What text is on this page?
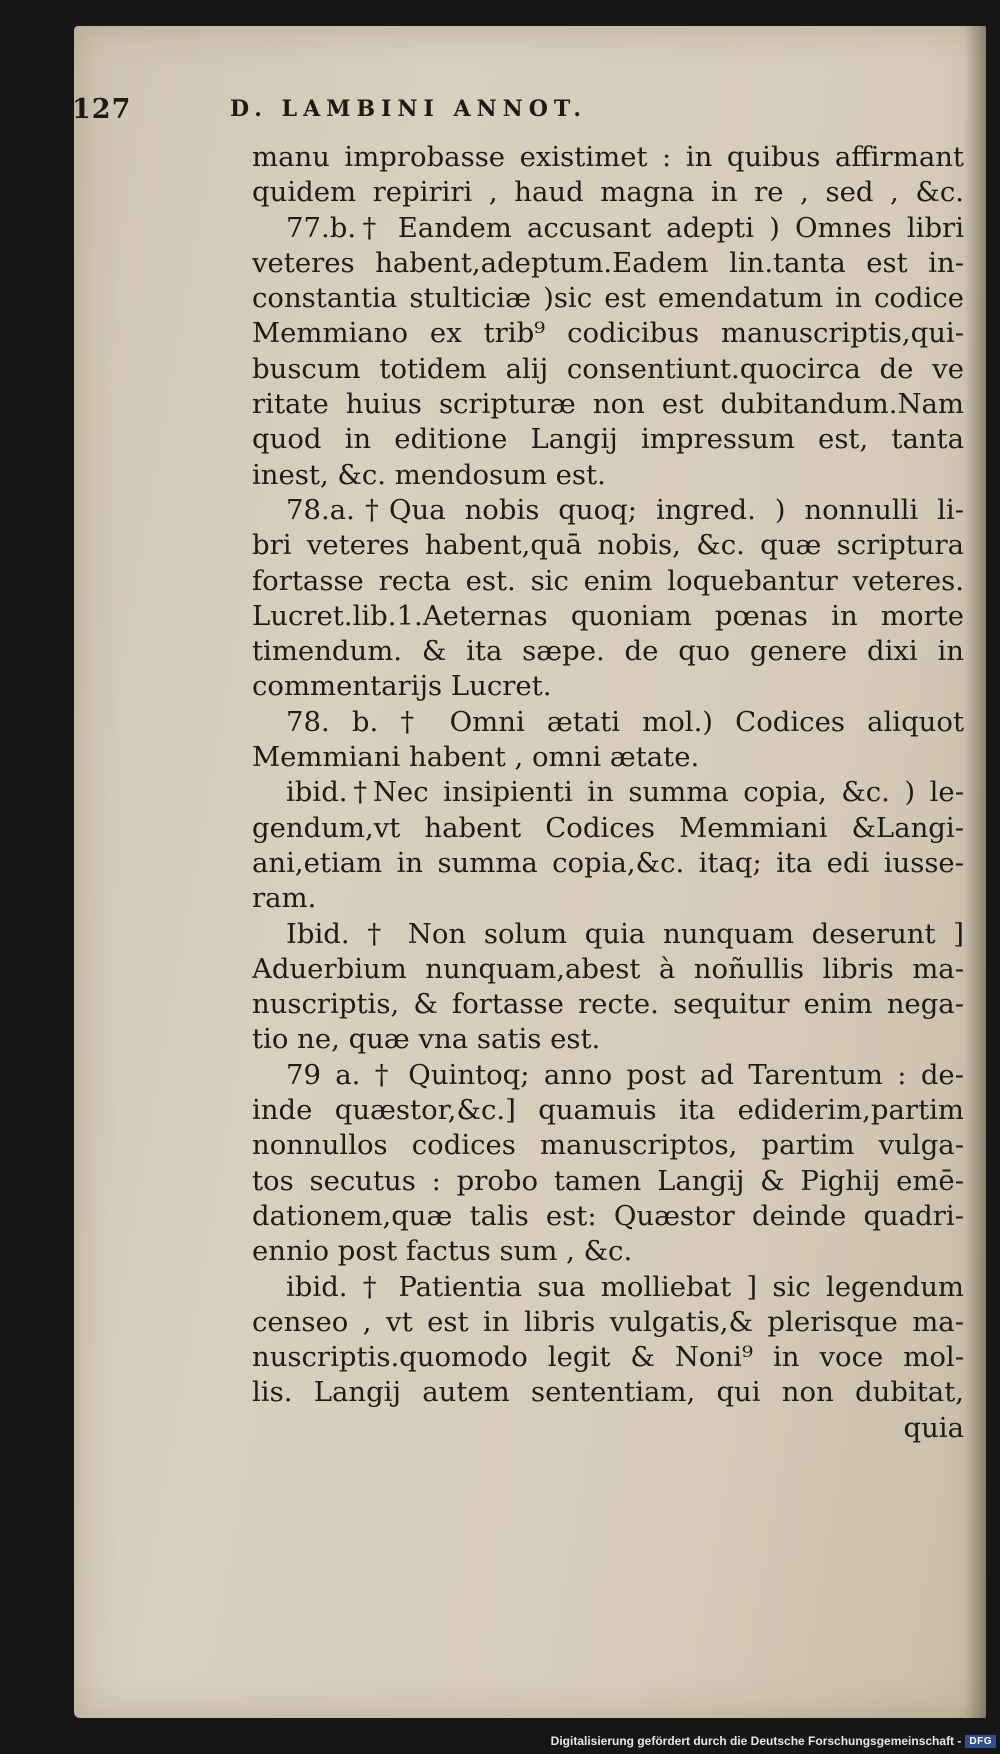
127	D. LAMBINI ANNOT.
manu improbasse existimet : in quibus affirmant
quidem repiriri , haud magna in re , sed , &c.
77.b.† Eandem accusant adepti ) Omnes libri
veteres habent,adeptum.Eadem lin.tanta est in-
constantia stulticiæ )sic est emendatum in codice
Memmiano ex trib⁹ codicibus manuscriptis,qui-
buscum totidem alij consentiunt.quocirca de ve
ritate huius scripturæ non est dubitandum.Nam
quod in editione Langij impressum est, tanta
inest, &c. mendosum est.
78.a.†Qua nobis quoq; ingred. ) nonnulli li-
bri veteres habent,quā nobis, &c. quæ scriptura
fortasse recta est. sic enim loquebantur veteres.
Lucret.lib.1.Aeternas quoniam pœnas in morte
timendum. & ita sæpe. de quo genere dixi in
commentarijs Lucret.
78. b. † Omni ætati mol.) Codices aliquot
Memmiani habent , omni ætate.
ibid.†Nec insipienti in summa copia, &c. ) le-
gendum,vt habent Codices Memmiani &Langi-
ani,etiam in summa copia,&c. itaq; ita edi iusse-
ram.
Ibid. † Non solum quia nunquam deserunt ]
Aduerbium nunquam,abest à noñullis libris ma-
nuscriptis, & fortasse recte. sequitur enim nega-
tio ne, quæ vna satis est.
79 a. † Quintoq; anno post ad Tarentum : de-
inde quæstor,&c.] quamuis ita ediderim,partim
nonnullos codices manuscriptos, partim vulga-
tos secutus : probo tamen Langij & Pighij emē-
dationem,quæ talis est: Quæstor deinde quadri-
ennio post factus sum , &c.
ibid. † Patientia sua molliebat ] sic legendum
censeo , vt est in libris vulgatis,& plerisque ma-
nuscriptis.quomodo legit & Noni⁹ in voce mol-
lis. Langij autem sententiam, qui non dubitat,
quia
Digitalisierung gefördert durch die Deutsche Forschungsgemeinschaft - DFG
